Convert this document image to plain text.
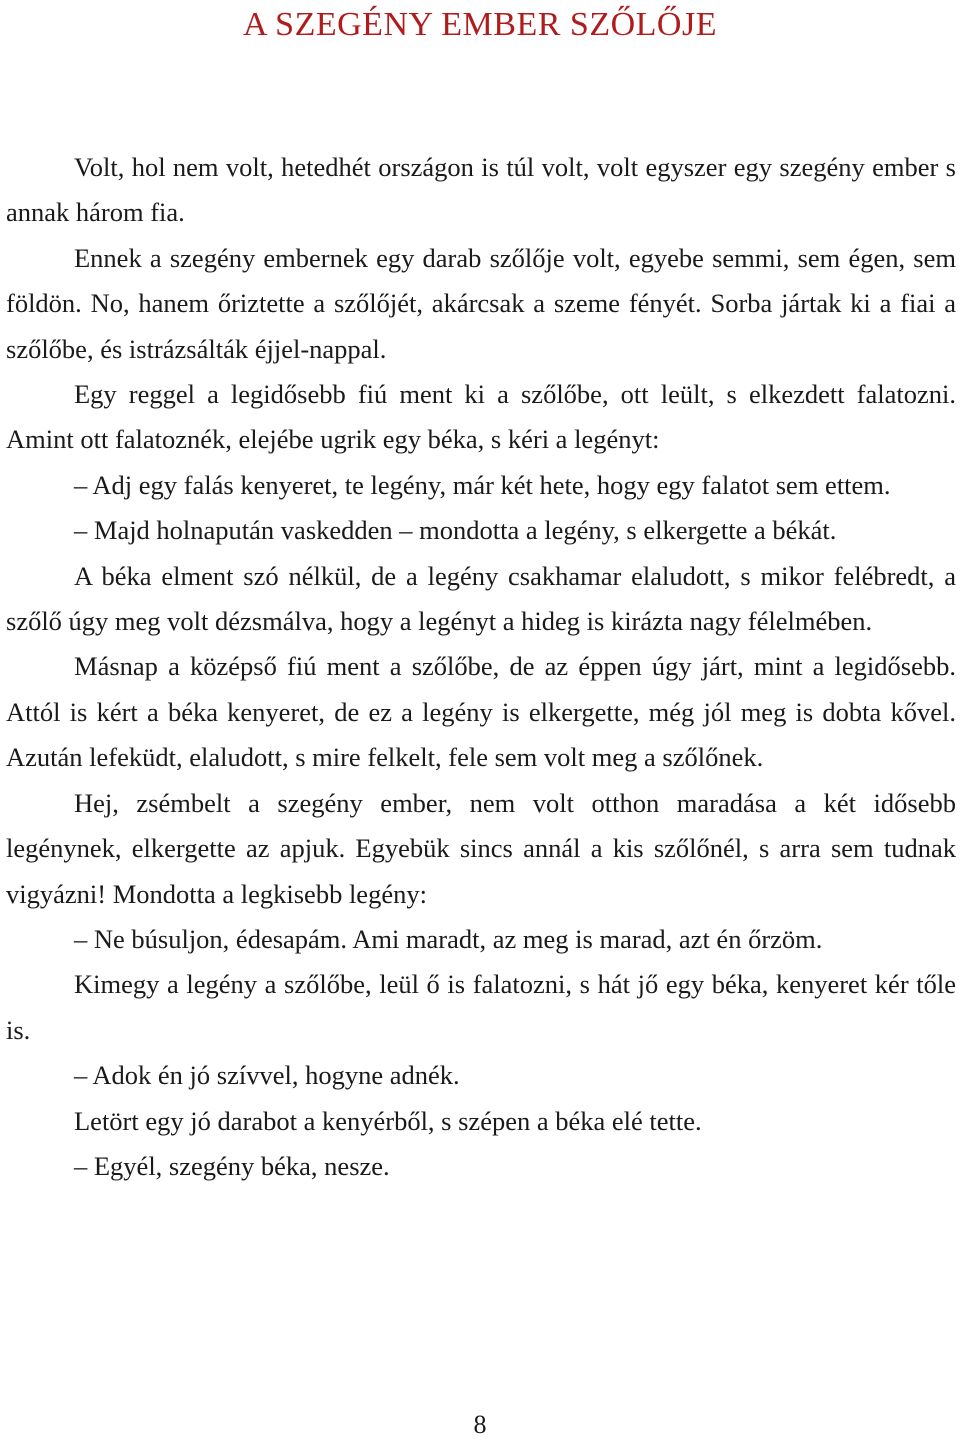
A SZEGÉNY EMBER SZŐLŐJE

Volt, hol nem volt, hetedhét országon is túl volt, volt egyszer egy szegény ember s annak három fia.

Ennek a szegény embernek egy darab szőlője volt, egyebe semmi, sem égen, sem földön. No, hanem őriztette a szőlőjét, akárcsak a szeme fényét. Sorba jártak ki a fiai a szőlőbe, és istrázsálták éjjel-nappal.

Egy reggel a legidősebb fiú ment ki a szőlőbe, ott leült, s elkezdett falatozni. Amint ott falatoznék, elejébe ugrik egy béka, s kéri a legényt:

– Adj egy falás kenyeret, te legény, már két hete, hogy egy falatot sem ettem.

– Majd holnapután vaskedden – mondotta a legény, s elkergette a békát.

A béka elment szó nélkül, de a legény csakhamar elaludott, s mikor felébredt, a szőlő úgy meg volt dézsmálva, hogy a legényt a hideg is kirázta nagy félelmében.

Másnap a középső fiú ment a szőlőbe, de az éppen úgy járt, mint a legidősebb. Attól is kért a béka kenyeret, de ez a legény is elkergette, még jól meg is dobta kővel. Azután lefeküdt, elaludott, s mire felkelt, fele sem volt meg a szőlőnek.

Hej, zsémbelt a szegény ember, nem volt otthon maradása a két idősebb legénynek, elkergette az apjuk. Egyebük sincs annál a kis szőlőnél, s arra sem tudnak vigyázni! Mondotta a legkisebb legény:

– Ne búsuljon, édesapám. Ami maradt, az meg is marad, azt én őrzöm.

Kimegy a legény a szőlőbe, leül ő is falatozni, s hát jő egy béka, kenyeret kér tőle is.

– Adok én jó szívvel, hogyne adnék.

Letört egy jó darabot a kenyérből, s szépen a béka elé tette.

– Egyél, szegény béka, nesze.

8
